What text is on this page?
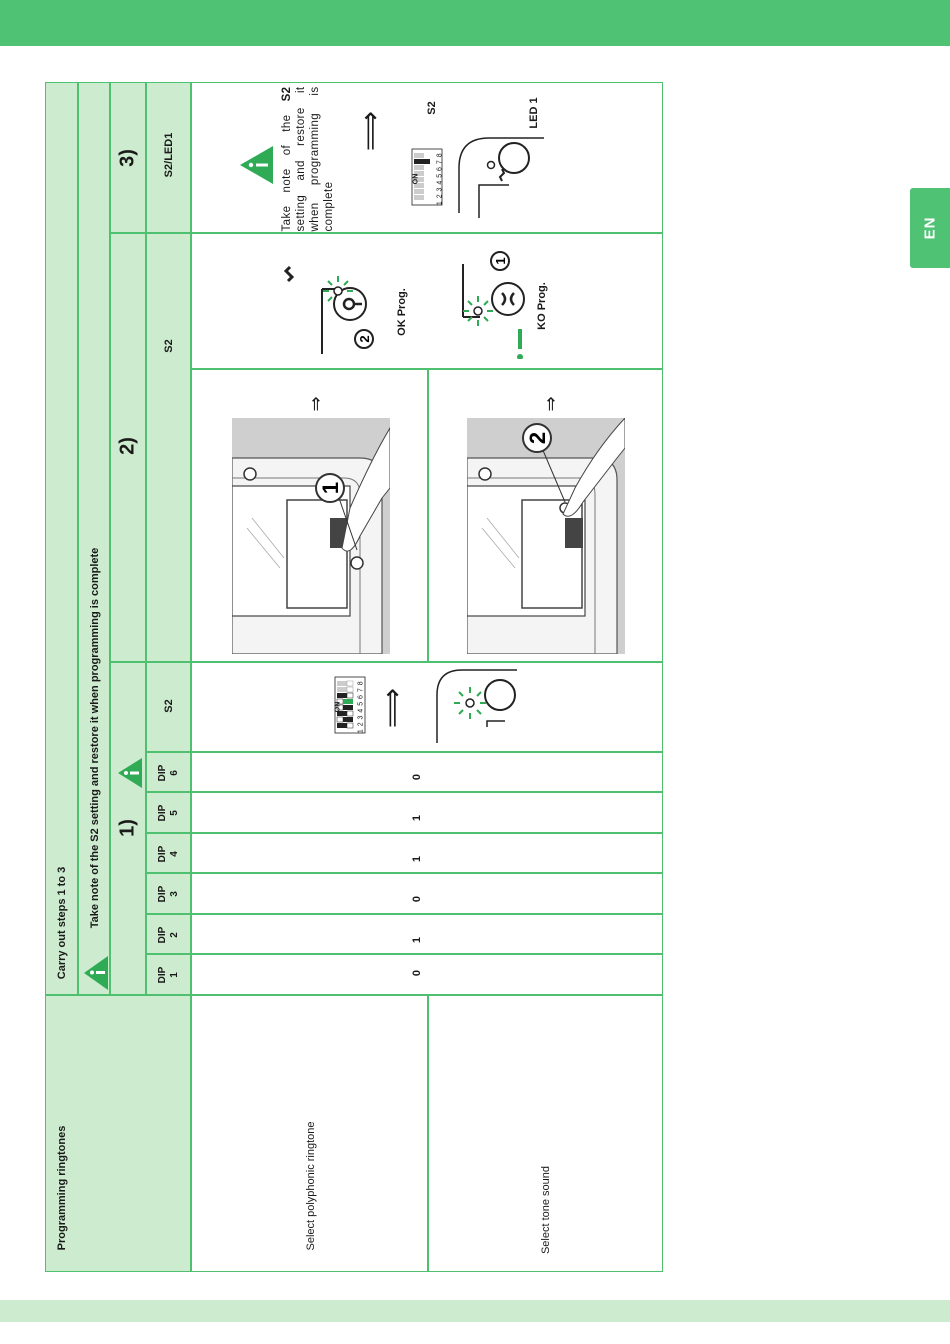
EN
Carry out steps 1 to 3
Programming ringtones
Take note of the S2 setting and restore it when programming is complete 1)
2)
3)
DIP
1
DIP
2
DIP
3
DIP
4
DIP
5
DIP
6
S2
S2
S2/LED1
Select polyphonic ringtone	Select tone sound
0
1
0
1
1
0
ON 1 2 3 4 5 6 7 8 ⟹
⇒
1
⇒
2
2
OK Prog.
1
KO Prog.
Take note of the S2 setting and restore it when programming is complete
⟹
S2
ON 1 2 3 4 5 6 7 8
LED 1
